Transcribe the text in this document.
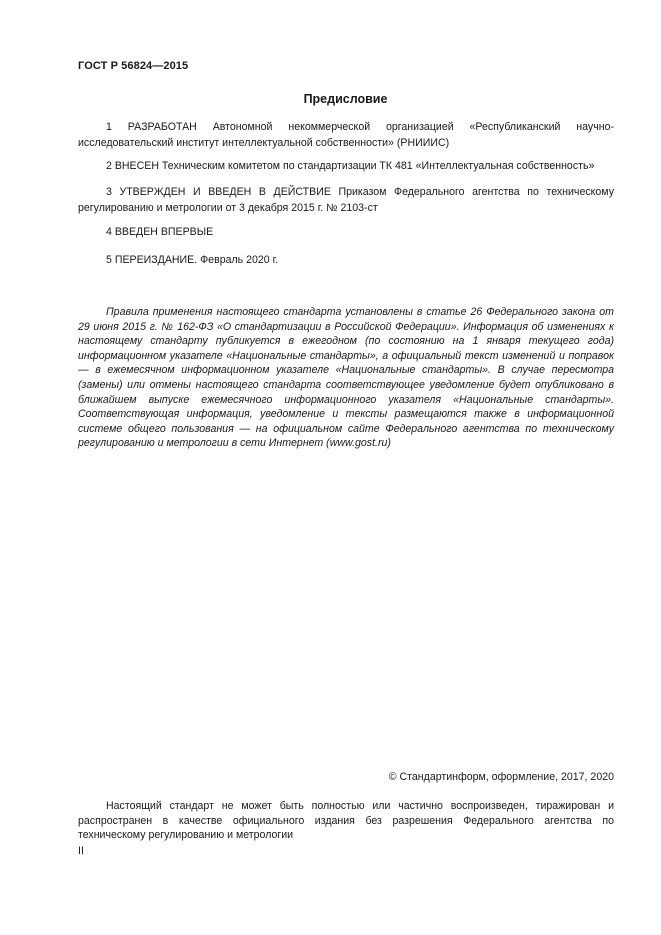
ГОСТ Р 56824—2015
Предисловие
1 РАЗРАБОТАН Автономной некоммерческой организацией «Республиканский научно-исследовательский институт интеллектуальной собственности» (РНИИИС)
2 ВНЕСЕН Техническим комитетом по стандартизации ТК 481 «Интеллектуальная собственность»
3 УТВЕРЖДЕН И ВВЕДЕН В ДЕЙСТВИЕ Приказом Федерального агентства по техническому регулированию и метрологии от 3 декабря 2015 г. № 2103-ст
4 ВВЕДЕН ВПЕРВЫЕ
5 ПЕРЕИЗДАНИЕ. Февраль 2020 г.
Правила применения настоящего стандарта установлены в статье 26 Федерального закона от 29 июня 2015 г. № 162-ФЗ «О стандартизации в Российской Федерации». Информация об изменениях к настоящему стандарту публикуется в ежегодном (по состоянию на 1 января текущего года) информационном указателе «Национальные стандарты», а официальный текст изменений и поправок — в ежемесячном информационном указателе «Национальные стандарты». В случае пересмотра (замены) или отмены настоящего стандарта соответствующее уведомление будет опубликовано в ближайшем выпуске ежемесячного информационного указателя «Национальные стандарты». Соответствующая информация, уведомление и тексты размещаются также в информационной системе общего пользования — на официальном сайте Федерального агентства по техническому регулированию и метрологии в сети Интернет (www.gost.ru)
© Стандартинформ, оформление, 2017, 2020
Настоящий стандарт не может быть полностью или частично воспроизведен, тиражирован и распространен в качестве официального издания без разрешения Федерального агентства по техническому регулированию и метрологии
II
